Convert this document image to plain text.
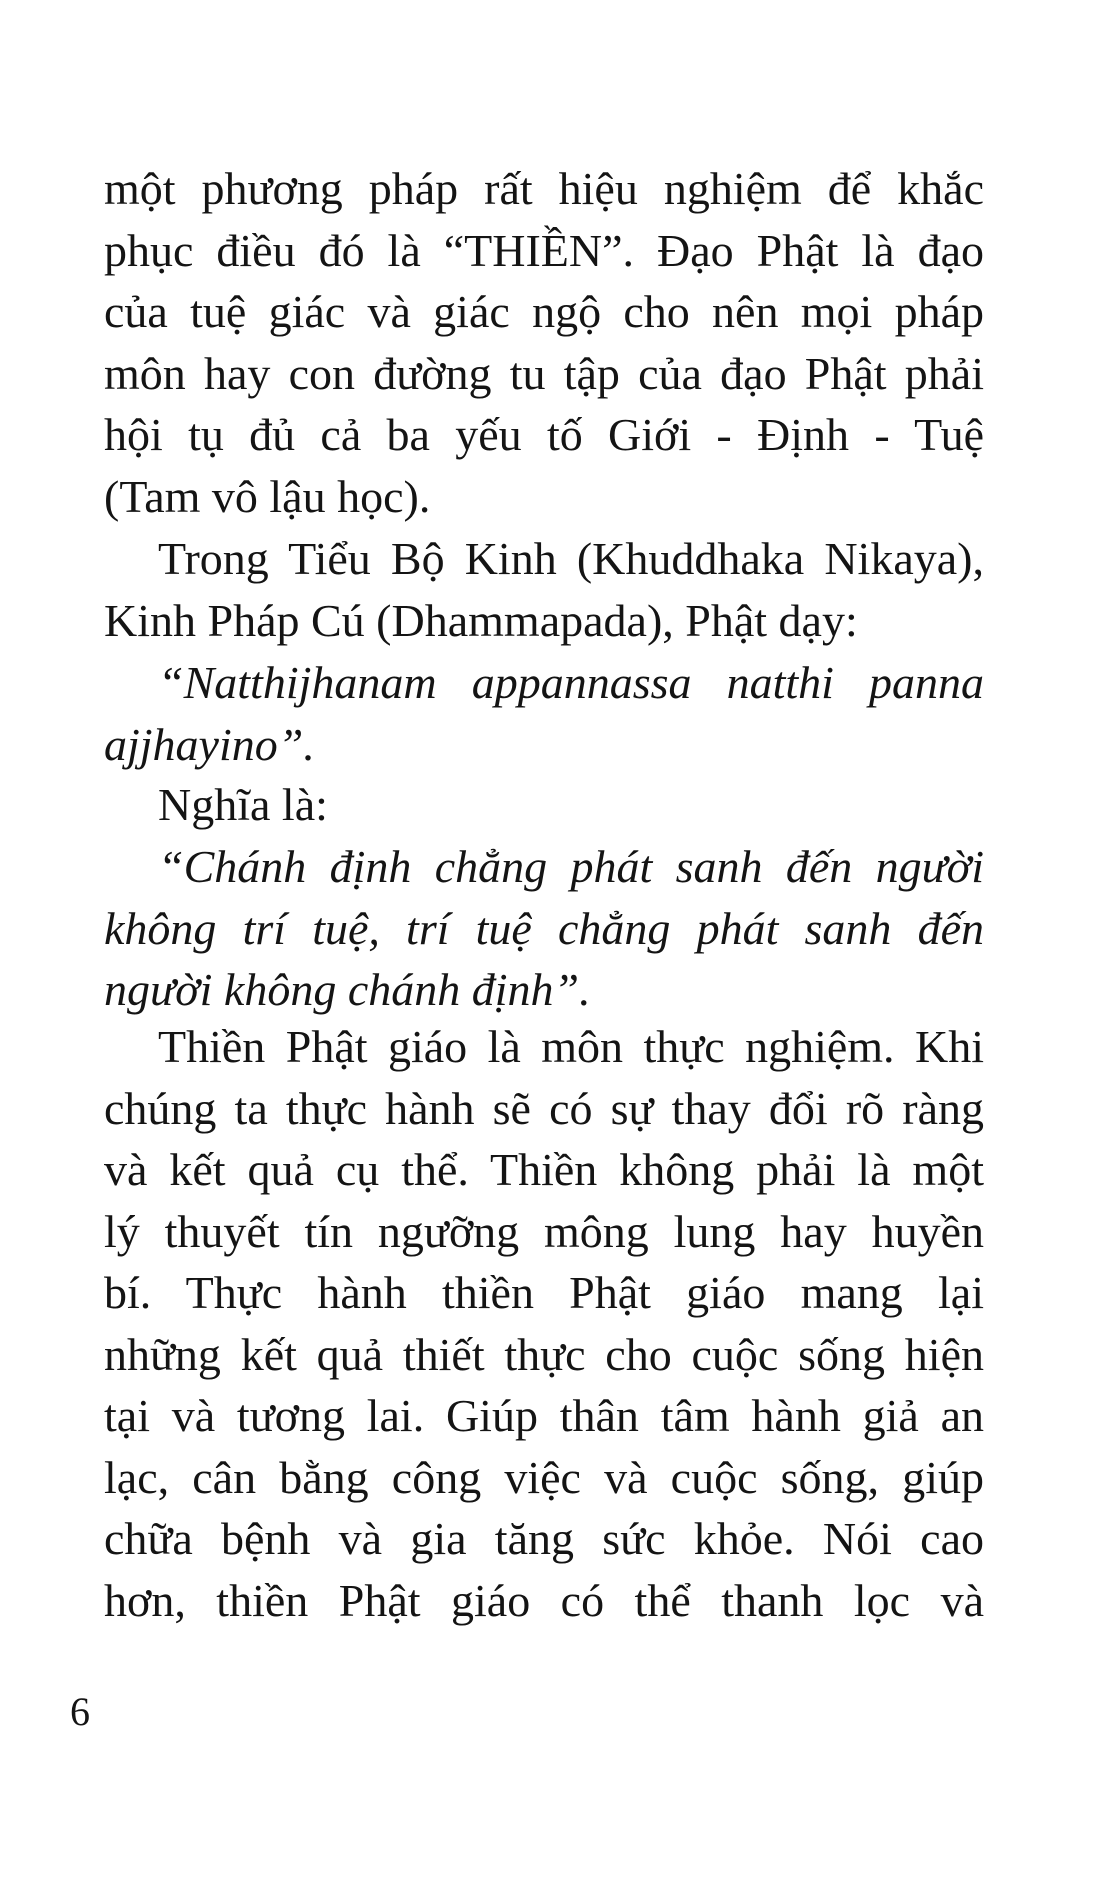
một phương pháp rất hiệu nghiệm để khắc
phục điều đó là “THIỀN”. Đạo Phật là đạo
của tuệ giác và giác ngộ cho nên mọi pháp
môn hay con đường tu tập của đạo Phật phải
hội tụ đủ cả ba yếu tố Giới - Định - Tuệ
(Tam vô lậu học).
Trong Tiểu Bộ Kinh (Khuddhaka Nikaya),
Kinh Pháp Cú (Dhammapada), Phật dạy:
“Natthijhanam appannassa natthi panna
ajjhayino”.
Nghĩa là:
“Chánh định chẳng phát sanh đến người
không trí tuệ, trí tuệ chẳng phát sanh đến
người không chánh định”.
Thiền Phật giáo là môn thực nghiệm. Khi
chúng ta thực hành sẽ có sự thay đổi rõ ràng
và kết quả cụ thể. Thiền không phải là một
lý thuyết tín ngưỡng mông lung hay huyền
bí. Thực hành thiền Phật giáo mang lại
những kết quả thiết thực cho cuộc sống hiện
tại và tương lai. Giúp thân tâm hành giả an
lạc, cân bằng công việc và cuộc sống, giúp
chữa bệnh và gia tăng sức khỏe. Nói cao
hơn, thiền Phật giáo có thể thanh lọc và
6
